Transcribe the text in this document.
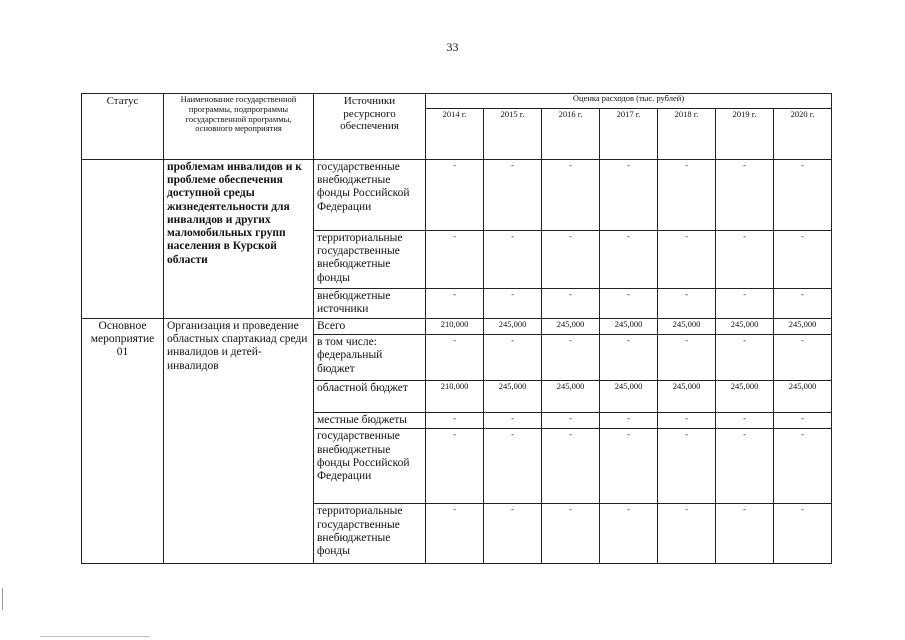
33
Статус	Наименование государственной программы, подпрограммы государственной программы, основного мероприятия	Источники ресурсного обеспечения	Оценка расходов (тыс. рублей)						
			2014 г.	2015 г.	2016 г.	2017 г.	2018 г.	2019 г.	2020 г.
	проблемам инвалидов и к проблеме обеспечения доступной среды жизнедеятельности для инвалидов и других маломобильных групп населения в Курской области	государственные внебюджетные фонды Российской Федерации	-	-	-	-	-	-	-
		территориальные государственные внебюджетные фонды	-	-	-	-	-	-	-
		внебюджетные источники	-	-	-	-	-	-	-
Основное мероприятие 01	Организация и проведение областных спартакиад среди инвалидов и детей-инвалидов	Всего	210,000	245,000	245,000	245,000	245,000	245,000	245,000
		в том числе: федеральный бюджет	-	-	-	-	-	-	-
		областной бюджет	210,000	245,000	245,000	245,000	245,000	245,000	245,000
		местные бюджеты	-	-	-	-	-	-	-
		государственные внебюджетные фонды Российской Федерации	-	-	-	-	-	-	-
		территориальные государственные внебюджетные фонды	-	-	-	-	-	-	-
